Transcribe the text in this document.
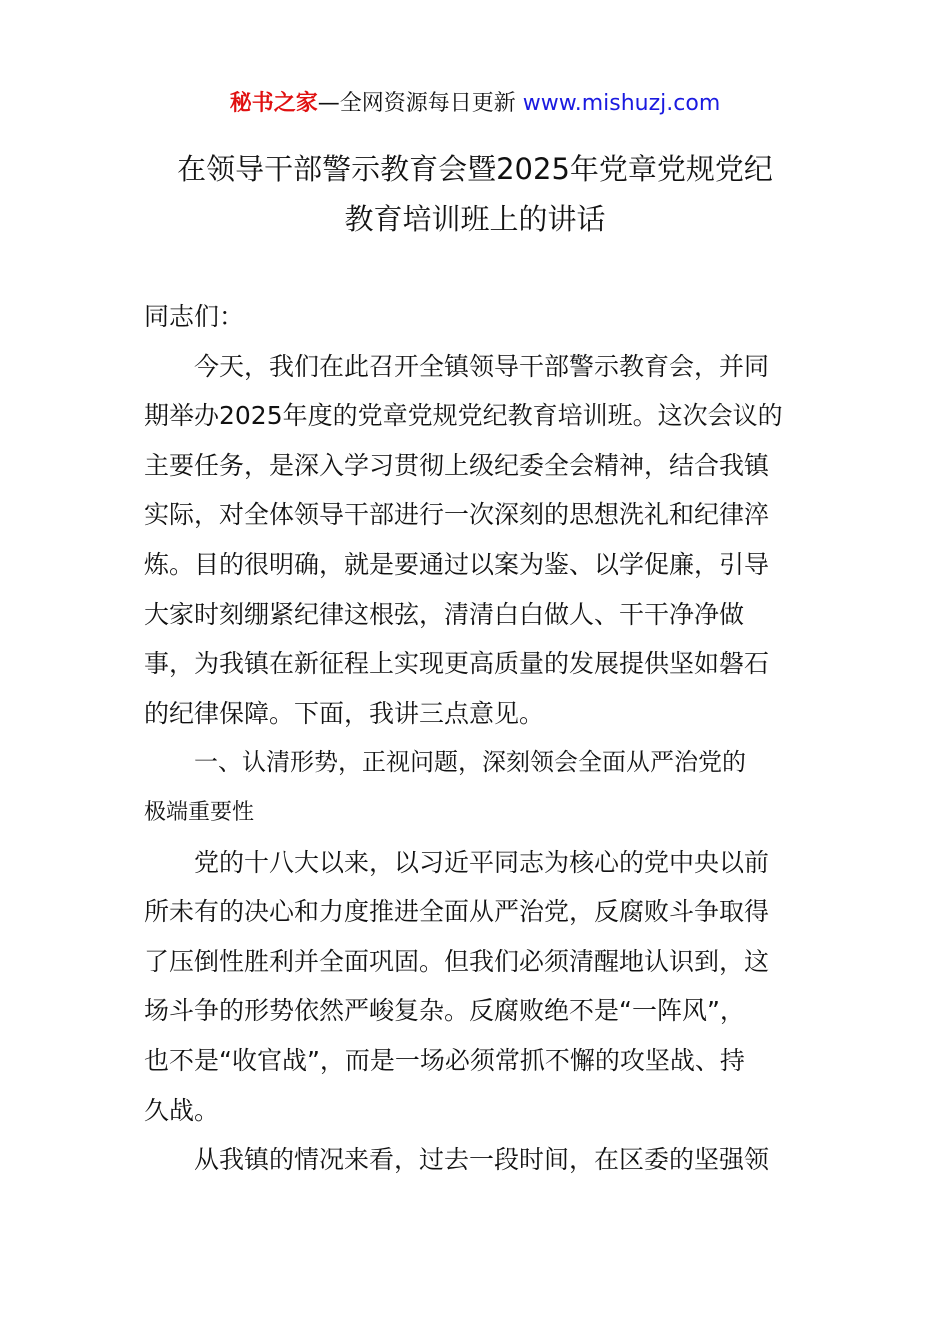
秘书之家—全网资源每日更新 www.mishuzj.com
在领导干部警示教育会暨2025年党章党规党纪
教育培训班上的讲话
同志们：
今天，我们在此召开全镇领导干部警示教育会，并同
期举办2025年度的党章党规党纪教育培训班。这次会议的
主要任务，是深入学习贯彻上级纪委全会精神，结合我镇
实际，对全体领导干部进行一次深刻的思想洗礼和纪律淬
炼。目的很明确，就是要通过以案为鉴、以学促廉，引导
大家时刻绷紧纪律这根弦，清清白白做人、干干净净做
事，为我镇在新征程上实现更高质量的发展提供坚如磐石
的纪律保障。下面，我讲三点意见。
一、认清形势，正视问题，深刻领会全面从严治党的
极端重要性
党的十八大以来，以习近平同志为核心的党中央以前
所未有的决心和力度推进全面从严治党，反腐败斗争取得
了压倒性胜利并全面巩固。但我们必须清醒地认识到，这
场斗争的形势依然严峻复杂。反腐败绝不是“一阵风”，
也不是“收官战”，而是一场必须常抓不懈的攻坚战、持
久战。
从我镇的情况来看，过去一段时间，在区委的坚强领
